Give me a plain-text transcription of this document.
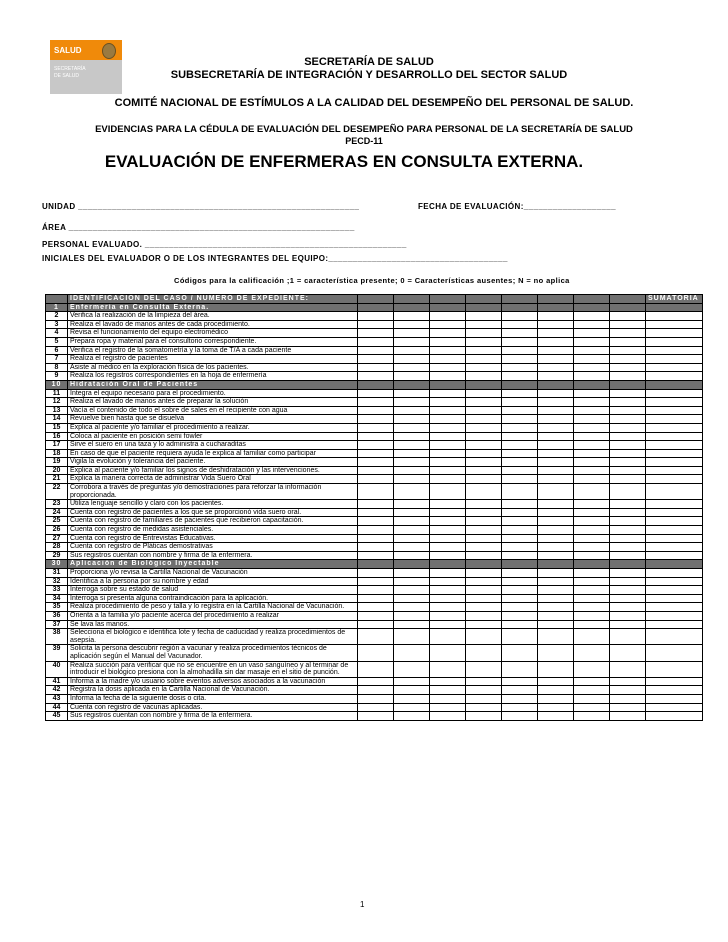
SALUD
SECRETARÍA
DE SALUD
SECRETARÍA DE SALUD
SUBSECRETARÍA DE INTEGRACIÓN Y DESARROLLO DEL SECTOR SALUD
COMITÉ NACIONAL DE ESTÍMULOS A LA CALIDAD DEL DESEMPEÑO DEL PERSONAL DE SALUD.
EVIDENCIAS PARA LA CÉDULA DE EVALUACIÓN DEL DESEMPEÑO PARA PERSONAL DE LA SECRETARÍA DE SALUD
PECD-11
EVALUACIÓN DE ENFERMERAS EN CONSULTA EXTERNA.
UNIDAD __________________________________________________________	FECHA DE EVALUACIÓN:___________________
ÁREA ___________________________________________________________
PERSONAL EVALUADO. ______________________________________________________
INICIALES DEL EVALUADOR O DE LOS INTEGRANTES DEL EQUIPO:_____________________________________
Códigos para la calificación ;1 = característica presente; 0 = Características ausentes; N = no aplica
	IDENTIFICACIÓN DEL CASO / NÚMERO DE EXPEDIENTE:									SUMATORIA
1	Enfermería en Consulta Externa.									
2	Verifica la realización de la limpieza del área.									
3	Realiza el lavado de manos antes de cada procedimiento.									
4	Revisa el funcionamiento del equipo electromédico									
5	Prepara ropa y material para el consultorio correspondiente.									
6	Verifica el registro de la somatometría y la toma de T/A a cada paciente									
7	Realiza el registro de pacientes									
8	Asiste al médico en la exploración física de los pacientes.									
9	Realiza los registros correspondientes en la hoja de enfermería									
10	Hidratación Oral de Pacientes									
11	Integra el equipo necesario para el procedimiento.									
12	Realiza el lavado de manos antes de preparar la solución									
13	Vacía el contenido de todo el sobre de sales en el recipiente con agua									
14	Revuelve bien hasta que se disuelva									
15	Explica al paciente y/o familiar el procedimiento a realizar.									
16	Coloca al paciente en posición semi fowler									
17	Sirve el suero en una taza y lo administra a cucharaditas									
18	En caso de que el paciente requiera ayuda le explica al familiar como participar									
19	Vigila la evolución y tolerancia del paciente.									
20	Explica al paciente y/o familiar los signos de deshidratación y las intervenciones.									
21	Explica la manera correcta de administrar Vida Suero Oral									
22	Corrobora a través de preguntas y/o demostraciones para reforzar la información proporcionada.									
23	Utiliza lenguaje sencillo y claro con los pacientes.									
24	Cuenta con registro de pacientes a los que se proporcionó vida suero oral.									
25	Cuenta con registro de familiares de pacientes que recibieron capacitación.									
26	Cuenta con registro de medidas asistenciales.									
27	Cuenta con registro de Entrevistas Educativas.									
28	Cuenta con registro de Pláticas demostrativas									
29	Sus registros cuentan con nombre y firma de la enfermera.									
30	Aplicación de Biológico Inyectable									
31	Proporciona y/o revisa la Cartilla Nacional de Vacunación									
32	Identifica a la persona por su nombre y edad									
33	Interroga sobre su estado de salud									
34	Interroga si presenta alguna contraindicación para la aplicación.									
35	Realiza procedimiento de peso y talla y lo registra en la Cartilla Nacional de Vacunación.									
36	Orienta a la familia y/o paciente acerca del procedimiento a realizar									
37	Se lava las manos.									
38	Selecciona el biológico e identifica lote y fecha de caducidad y realiza procedimientos de asepsia.									
39	Solicita la persona descubrir región a vacunar y realiza procedimientos técnicos de aplicación según el Manual del Vacunador.									
40	Realiza succión para verificar que no se encuentre en un vaso sanguíneo y al terminar de introducir el biológico presiona con la almohadilla sin dar masaje en el sitio de punción.									
41	Informa a la madre y/o usuario sobre eventos adversos asociados a la vacunación									
42	Registra la dosis aplicada en la Cartilla Nacional de Vacunación.									
43	Informa la fecha de la siguiente dosis o cita.									
44	Cuenta con registro de vacunas aplicadas.									
45	Sus registros cuentan con nombre y firma de la enfermera.									
1
